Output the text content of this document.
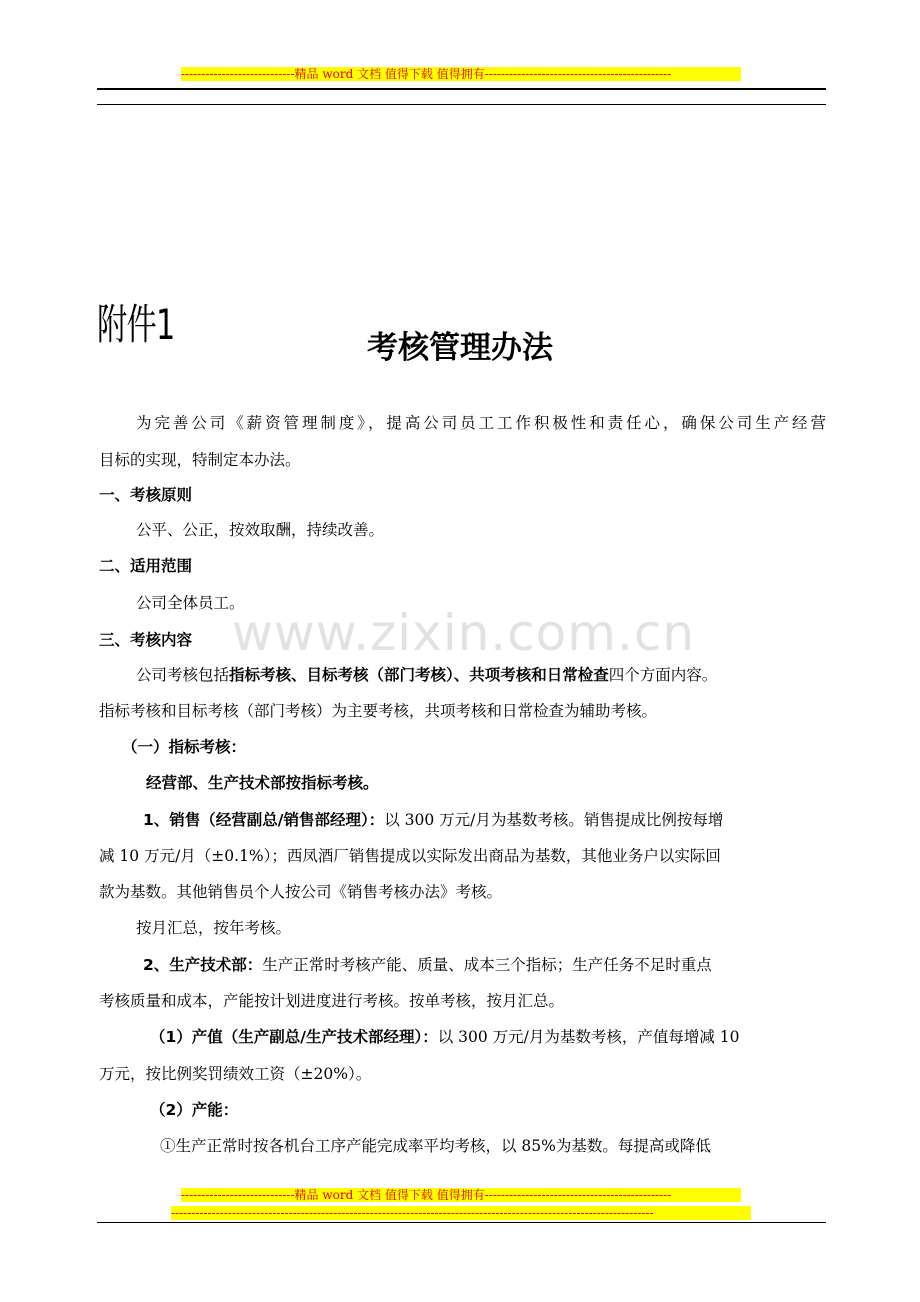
----------------------------精品 word 文档 值得下载 值得拥有----------------------------------------------
www.zixin.com.cn
附件1	考核管理办法
为完善公司《薪资管理制度》，提高公司员工工作积极性和责任心，确保公司生产经营
目标的实现，特制定本办法。
一、考核原则
公平、公正，按效取酬，持续改善。
二、适用范围
公司全体员工。
三、考核内容
公司考核包括指标考核、目标考核（部门考核）、共项考核和日常检查四个方面内容。
指标考核和目标考核（部门考核）为主要考核，共项考核和日常检查为辅助考核。
（一）指标考核：
经营部、生产技术部按指标考核。
1、销售（经营副总/销售部经理）：以 300 万元/月为基数考核。销售提成比例按每增
减 10 万元/月（±0.1%）；西凤酒厂销售提成以实际发出商品为基数，其他业务户以实际回
款为基数。其他销售员个人按公司《销售考核办法》考核。
按月汇总，按年考核。
2、生产技术部：生产正常时考核产能、质量、成本三个指标；生产任务不足时重点
考核质量和成本，产能按计划进度进行考核。按单考核，按月汇总。
（1）产值（生产副总/生产技术部经理）：以 300 万元/月为基数考核，产值每增减 10
万元，按比例奖罚绩效工资（±20%）。
（2）产能：
①生产正常时按各机台工序产能完成率平均考核，以 85%为基数。每提高或降低
----------------------------精品 word 文档 值得下载 值得拥有----------------------------------------------
-----------------------------------------------------------------------------------------------------------------------
